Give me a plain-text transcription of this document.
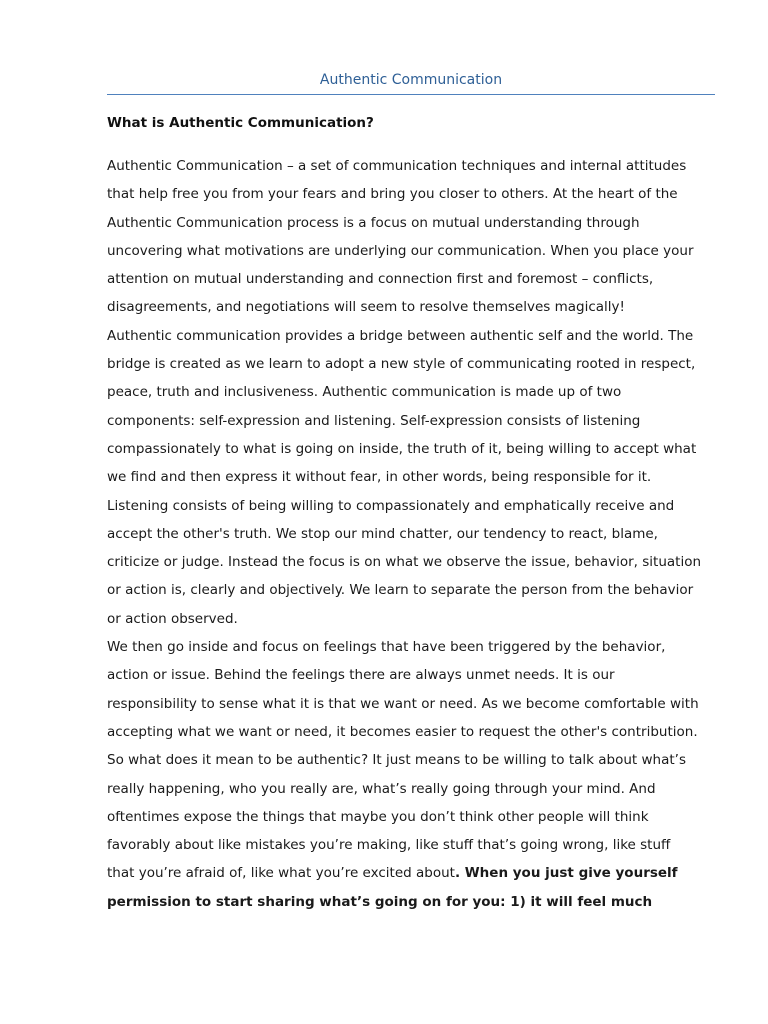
Authentic Communication
What is Authentic Communication?
Authentic Communication – a set of communication techniques and internal attitudes
that help free you from your fears and bring you closer to others. At the heart of the
Authentic Communication process is a focus on mutual understanding through
uncovering what motivations are underlying our communication. When you place your
attention on mutual understanding and connection first and foremost – conflicts,
disagreements, and negotiations will seem to resolve themselves magically!
Authentic communication provides a bridge between authentic self and the world. The
bridge is created as we learn to adopt a new style of communicating rooted in respect,
peace, truth and inclusiveness. Authentic communication is made up of two
components: self-expression and listening. Self-expression consists of listening
compassionately to what is going on inside, the truth of it, being willing to accept what
we find and then express it without fear, in other words, being responsible for it.
Listening consists of being willing to compassionately and emphatically receive and
accept the other's truth. We stop our mind chatter, our tendency to react, blame,
criticize or judge. Instead the focus is on what we observe the issue, behavior, situation
or action is, clearly and objectively. We learn to separate the person from the behavior
or action observed.
We then go inside and focus on feelings that have been triggered by the behavior,
action or issue. Behind the feelings there are always unmet needs. It is our
responsibility to sense what it is that we want or need. As we become comfortable with
accepting what we want or need, it becomes easier to request the other's contribution.
So what does it mean to be authentic? It just means to be willing to talk about what’s
really happening, who you really are, what’s really going through your mind. And
oftentimes expose the things that maybe you don’t think other people will think
favorably about like mistakes you’re making, like stuff that’s going wrong, like stuff
that you’re afraid of, like what you’re excited about. When you just give yourself
permission to start sharing what’s going on for you: 1) it will feel much
